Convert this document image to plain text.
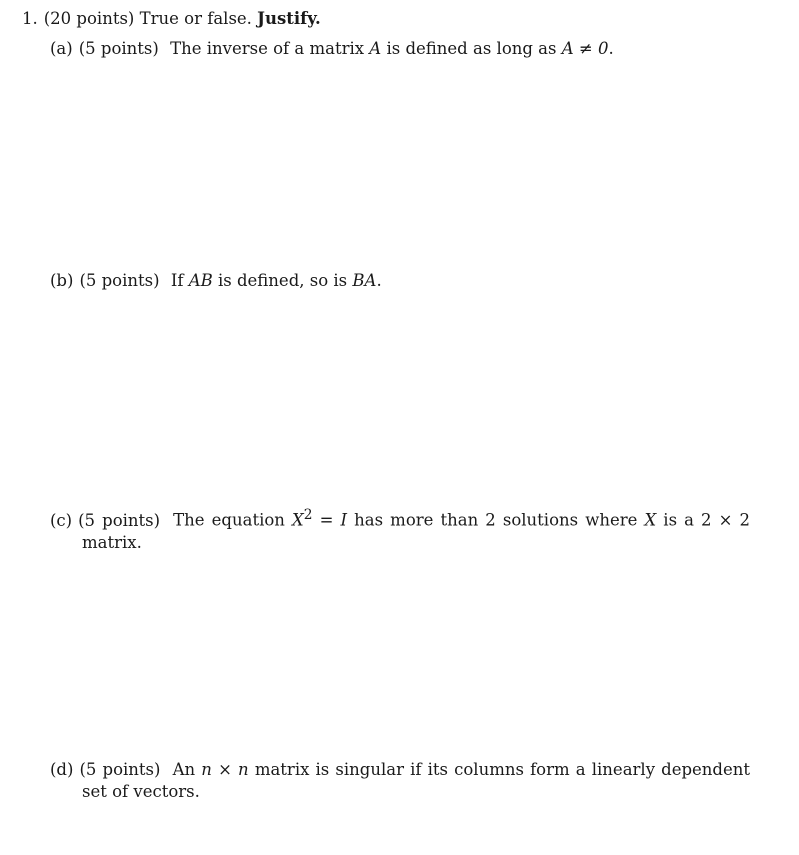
1. (20 points) True or false. Justify.
(a) (5 points) The inverse of a matrix A is defined as long as A ≠ 0.
(b) (5 points) If AB is defined, so is BA.
(c) (5 points) The equation $X^2 = I$ has more than 2 solutions where X is a 2 × 2 matrix.
(d) (5 points) An n × n matrix is singular if its columns form a linearly dependent set of vectors.
